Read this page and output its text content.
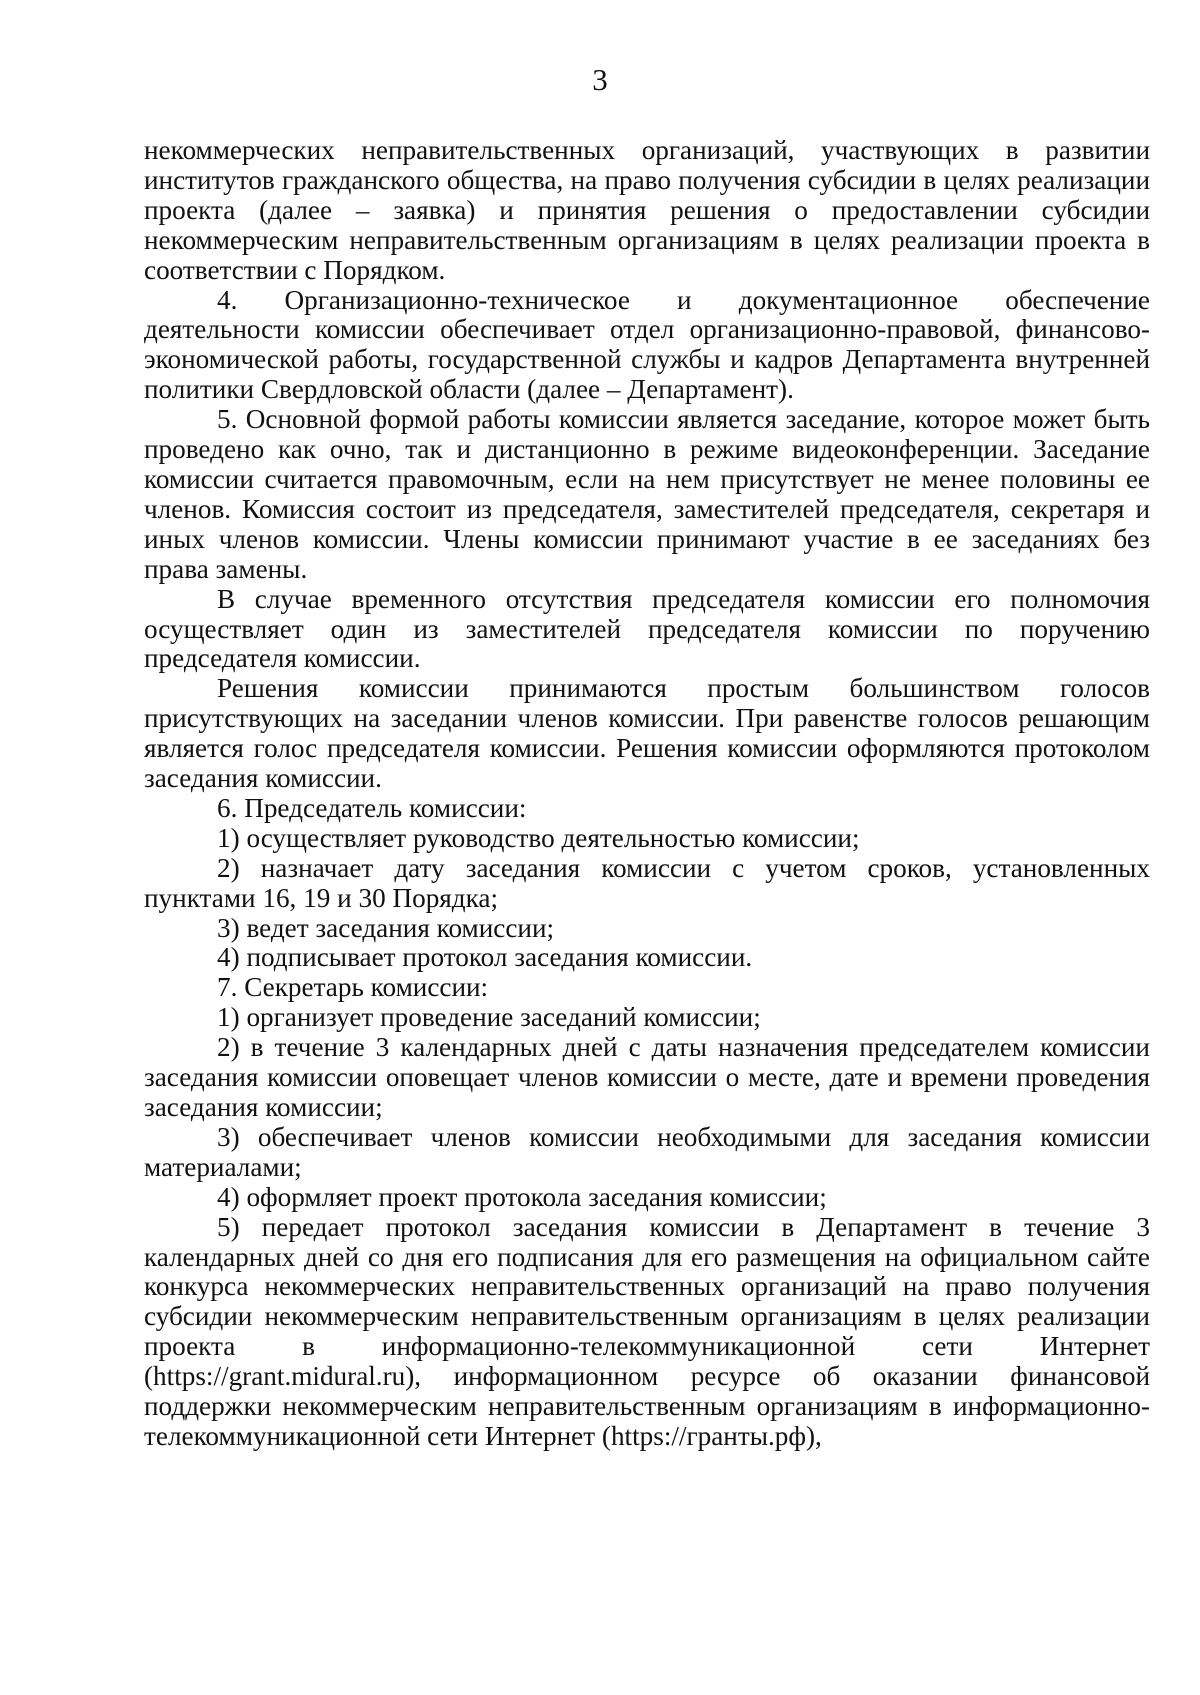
3

некоммерческих неправительственных организаций, участвующих в развитии институтов гражданского общества, на право получения субсидии в целях реализации проекта (далее – заявка) и принятия решения о предоставлении субсидии некоммерческим неправительственным организациям в целях реализации проекта в соответствии с Порядком.

4. Организационно-техническое и документационное обеспечение деятельности комиссии обеспечивает отдел организационно-правовой, финансово-экономической работы, государственной службы и кадров Департамента внутренней политики Свердловской области (далее – Департамент).

5. Основной формой работы комиссии является заседание, которое может быть проведено как очно, так и дистанционно в режиме видеоконференции. Заседание комиссии считается правомочным, если на нем присутствует не менее половины ее членов. Комиссия состоит из председателя, заместителей председателя, секретаря и иных членов комиссии. Члены комиссии принимают участие в ее заседаниях без права замены.

В случае временного отсутствия председателя комиссии его полномочия осуществляет один из заместителей председателя комиссии по поручению председателя комиссии.

Решения комиссии принимаются простым большинством голосов присутствующих на заседании членов комиссии. При равенстве голосов решающим является голос председателя комиссии. Решения комиссии оформляются протоколом заседания комиссии.

6. Председатель комиссии:

1) осуществляет руководство деятельностью комиссии;

2) назначает дату заседания комиссии с учетом сроков, установленных пунктами 16, 19 и 30 Порядка;

3) ведет заседания комиссии;

4) подписывает протокол заседания комиссии.

7. Секретарь комиссии:

1) организует проведение заседаний комиссии;

2) в течение 3 календарных дней с даты назначения председателем комиссии заседания комиссии оповещает членов комиссии о месте, дате и времени проведения заседания комиссии;

3) обеспечивает членов комиссии необходимыми для заседания комиссии материалами;

4) оформляет проект протокола заседания комиссии;

5) передает протокол заседания комиссии в Департамент в течение 3 календарных дней со дня его подписания для его размещения на официальном сайте конкурса некоммерческих неправительственных организаций на право получения субсидии некоммерческим неправительственным организациям в целях реализации проекта в информационно-телекоммуникационной сети Интернет (https://grant.midural.ru), информационном ресурсе об оказании финансовой поддержки некоммерческим неправительственным организациям в информационно-телекоммуникационной сети Интернет (https://гранты.рф),
